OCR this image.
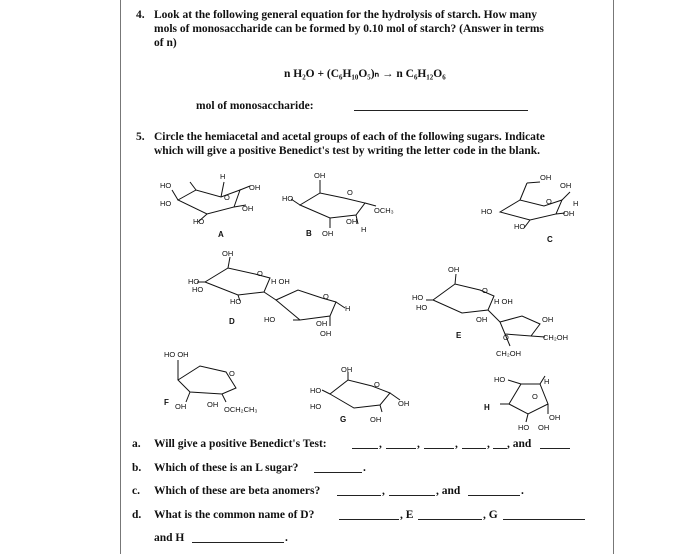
4. Look at the following general equation for the hydrolysis of starch. How many
mols of monosaccharide can be formed by 0.10 mol of starch? (Answer in terms
of n)
n H₂O + (C₆H₁₀O₅)ₙ → n C₆H₁₂O₆
mol of monosaccharide:
5. Circle the hemiacetal and acetal groups of each of the following sugars. Indicate
which will give a positive Benedict's test by writing the letter code in the blank.
HO
HO
H
O
OH
OH
HO
A
OH
HO
O
OCH₃
OH
H
B OH
OH
OH
O	H
OH
HO
HO
C
OH
HO
HO
O
H OH
HO
O
H
HO	OH
OH
D
OH
HO
HO
O
H OH
OH	OH
O	CH₂OH
CH₂OH
E
HO OH
O
F OH	OH
OCH₂CH₃
OH
HO
HO
O
OH
G	OH
HO	H
O
H
OH
HO OH
a. Will give a positive Benedict's Test:	,	,	,	, , and
b. Which of these is an L sugar?	.
c. Which of these are beta anomers?	,	, and	.
d. What is the common name of D?	, E	, G
and H	.
